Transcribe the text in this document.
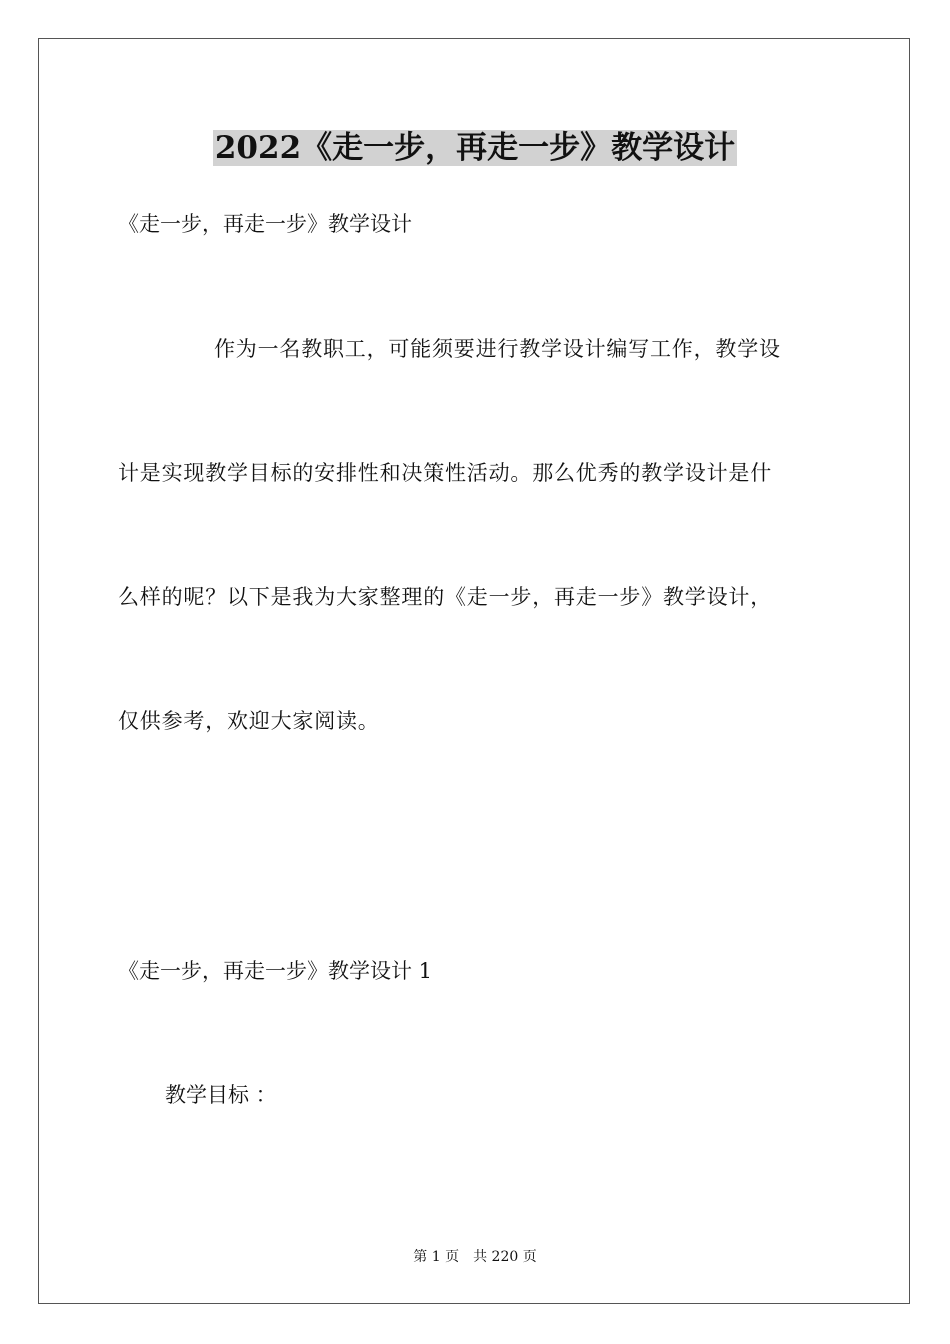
2022《走一步，再走一步》教学设计
《走一步，再走一步》教学设计
作为一名教职工，可能须要进行教学设计编写工作，教学设
计是实现教学目标的安排性和决策性活动。那么优秀的教学设计是什
么样的呢？以下是我为大家整理的《走一步，再走一步》教学设计，
仅供参考，欢迎大家阅读。
《走一步，再走一步》教学设计 1
教学目标 ：
第 1 页 共 220 页
